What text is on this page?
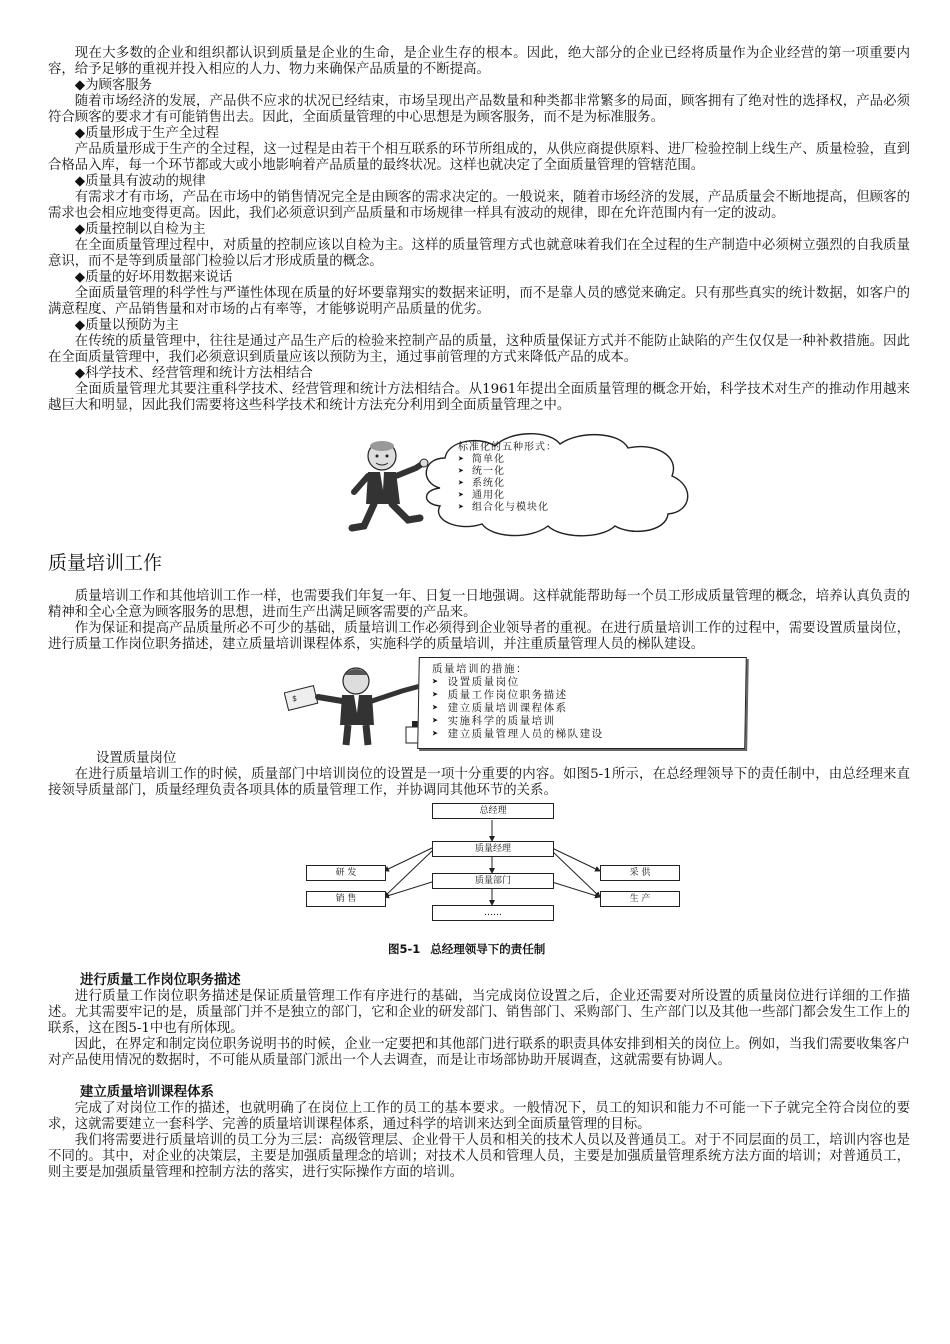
现在大多数的企业和组织都认识到质量是企业的生命，是企业生存的根本。因此，绝大部分的企业已经将质量作为企业经营的第一项重要内容，给予足够的重视并投入相应的人力、物力来确保产品质量的不断提高。

◆为顾客服务

随着市场经济的发展，产品供不应求的状况已经结束，市场呈现出产品数量和种类都非常繁多的局面，顾客拥有了绝对性的选择权，产品必须符合顾客的要求才有可能销售出去。因此，全面质量管理的中心思想是为顾客服务，而不是为标准服务。

◆质量形成于生产全过程

产品质量形成于生产的全过程，这一过程是由若干个相互联系的环节所组成的，从供应商提供原料、进厂检验控制上线生产、质量检验，直到合格品入库，每一个环节都或大或小地影响着产品质量的最终状况。这样也就决定了全面质量管理的管辖范围。

◆质量具有波动的规律

有需求才有市场，产品在市场中的销售情况完全是由顾客的需求决定的。一般说来，随着市场经济的发展，产品质量会不断地提高，但顾客的需求也会相应地变得更高。因此，我们必须意识到产品质量和市场规律一样具有波动的规律，即在允许范围内有一定的波动。

◆质量控制以自检为主

在全面质量管理过程中，对质量的控制应该以自检为主。这样的质量管理方式也就意味着我们在全过程的生产制造中必须树立强烈的自我质量意识，而不是等到质量部门检验以后才形成质量的概念。

◆质量的好坏用数据来说话

全面质量管理的科学性与严谨性体现在质量的好坏要靠翔实的数据来证明，而不是靠人员的感觉来确定。只有那些真实的统计数据，如客户的满意程度、产品销售量和对市场的占有率等，才能够说明产品质量的优劣。

◆质量以预防为主

在传统的质量管理中，往往是通过产品生产后的检验来控制产品的质量，这种质量保证方式并不能防止缺陷的产生仅仅是一种补救措施。因此在全面质量管理中，我们必须意识到质量应该以预防为主，通过事前管理的方式来降低产品的成本。

◆科学技术、经营管理和统计方法相结合

全面质量管理尤其要注重科学技术、经营管理和统计方法相结合。从1961年提出全面质量管理的概念开始，科学技术对生产的推动作用越来越巨大和明显，因此我们需要将这些科学技术和统计方法充分利用到全面质量管理之中。

标准化的五种形式：
➤ 简单化
➤ 统一化
➤ 系统化
➤ 通用化
➤ 组合化与模块化
质量培训工作

质量培训工作和其他培训工作一样，也需要我们年复一年、日复一日地强调。这样就能帮助每一个员工形成质量管理的概念，培养认真负责的精神和全心全意为顾客服务的思想，进而生产出满足顾客需要的产品来。

作为保证和提高产品质量所必不可少的基础，质量培训工作必须得到企业领导者的重视。在进行质量培训工作的过程中，需要设置质量岗位，进行质量工作岗位职务描述，建立质量培训课程体系，实施科学的质量培训，并注重质量管理人员的梯队建设。

$
质量培训的措施：
➤ 设置质量岗位
➤ 质量工作岗位职务描述
➤ 建立质量培训课程体系
➤ 实施科学的质量培训
➤ 建立质量管理人员的梯队建设
设置质量岗位

在进行质量培训工作的时候，质量部门中培训岗位的设置是一项十分重要的内容。如图5-1所示，在总经理领导下的责任制中，由总经理来直接领导质量部门，质量经理负责各项具体的质量管理工作，并协调同其他环节的关系。

总经理
质量经理
质量部门
……
研 发
销 售
采 供
生 产
图5-1 总经理领导下的责任制
进行质量工作岗位职务描述

进行质量工作岗位职务描述是保证质量管理工作有序进行的基础，当完成岗位设置之后，企业还需要对所设置的质量岗位进行详细的工作描述。尤其需要牢记的是，质量部门并不是独立的部门，它和企业的研发部门、销售部门、采购部门、生产部门以及其他一些部门都会发生工作上的联系，这在图5-1中也有所体现。

因此，在界定和制定岗位职务说明书的时候，企业一定要把和其他部门进行联系的职责具体安排到相关的岗位上。例如，当我们需要收集客户对产品使用情况的数据时，不可能从质量部门派出一个人去调查，而是让市场部协助开展调查，这就需要有协调人。

建立质量培训课程体系

完成了对岗位工作的描述，也就明确了在岗位上工作的员工的基本要求。一般情况下，员工的知识和能力不可能一下子就完全符合岗位的要求，这就需要建立一套科学、完善的质量培训课程体系，通过科学的培训来达到全面质量管理的目标。

我们将需要进行质量培训的员工分为三层：高级管理层、企业骨干人员和相关的技术人员以及普通员工。对于不同层面的员工，培训内容也是不同的。其中，对企业的决策层，主要是加强质量理念的培训；对技术人员和管理人员，主要是加强质量管理系统方法方面的培训；对普通员工，则主要是加强质量管理和控制方法的落实，进行实际操作方面的培训。
